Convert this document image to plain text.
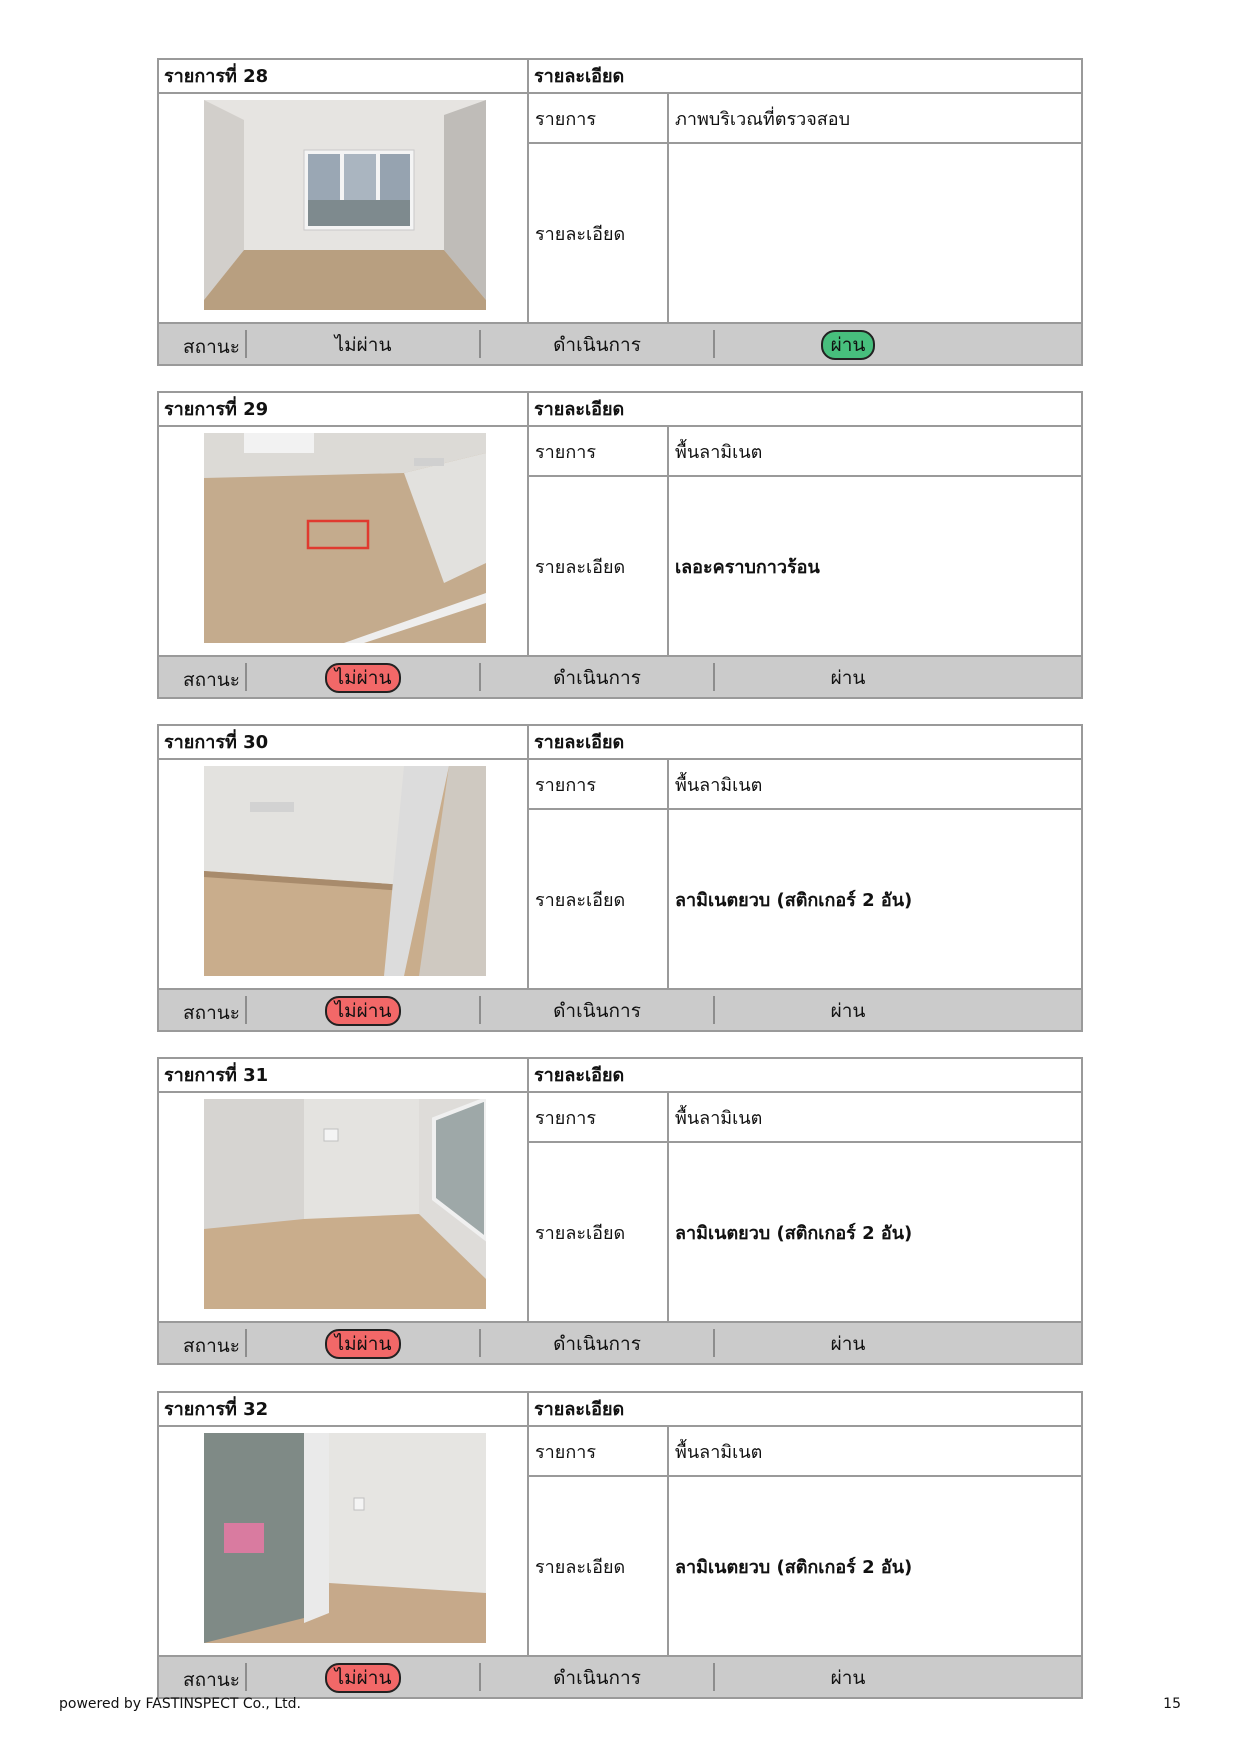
รายการที่ 28	รายละเอียด
รายการ	ภาพบริเวณที่ตรวจสอบ
รายละเอียด
สถานะ	ไม่ผ่าน	ดำเนินการ	ผ่าน
รายการที่ 29	รายละเอียด
รายการ	พื้นลามิเนต
รายละเอียด	เลอะคราบกาวร้อน
สถานะ	ไม่ผ่าน	ดำเนินการ	ผ่าน
รายการที่ 30	รายละเอียด
รายการ	พื้นลามิเนต
รายละเอียด	ลามิเนตยวบ (สติกเกอร์ 2 อัน)
สถานะ	ไม่ผ่าน	ดำเนินการ	ผ่าน
รายการที่ 31	รายละเอียด
รายการ	พื้นลามิเนต
รายละเอียด	ลามิเนตยวบ (สติกเกอร์ 2 อัน)
สถานะ	ไม่ผ่าน	ดำเนินการ	ผ่าน
รายการที่ 32	รายละเอียด
รายการ	พื้นลามิเนต
รายละเอียด	ลามิเนตยวบ (สติกเกอร์ 2 อัน)
สถานะ	ไม่ผ่าน	ดำเนินการ	ผ่าน
powered by FASTINSPECT Co., Ltd.	15
